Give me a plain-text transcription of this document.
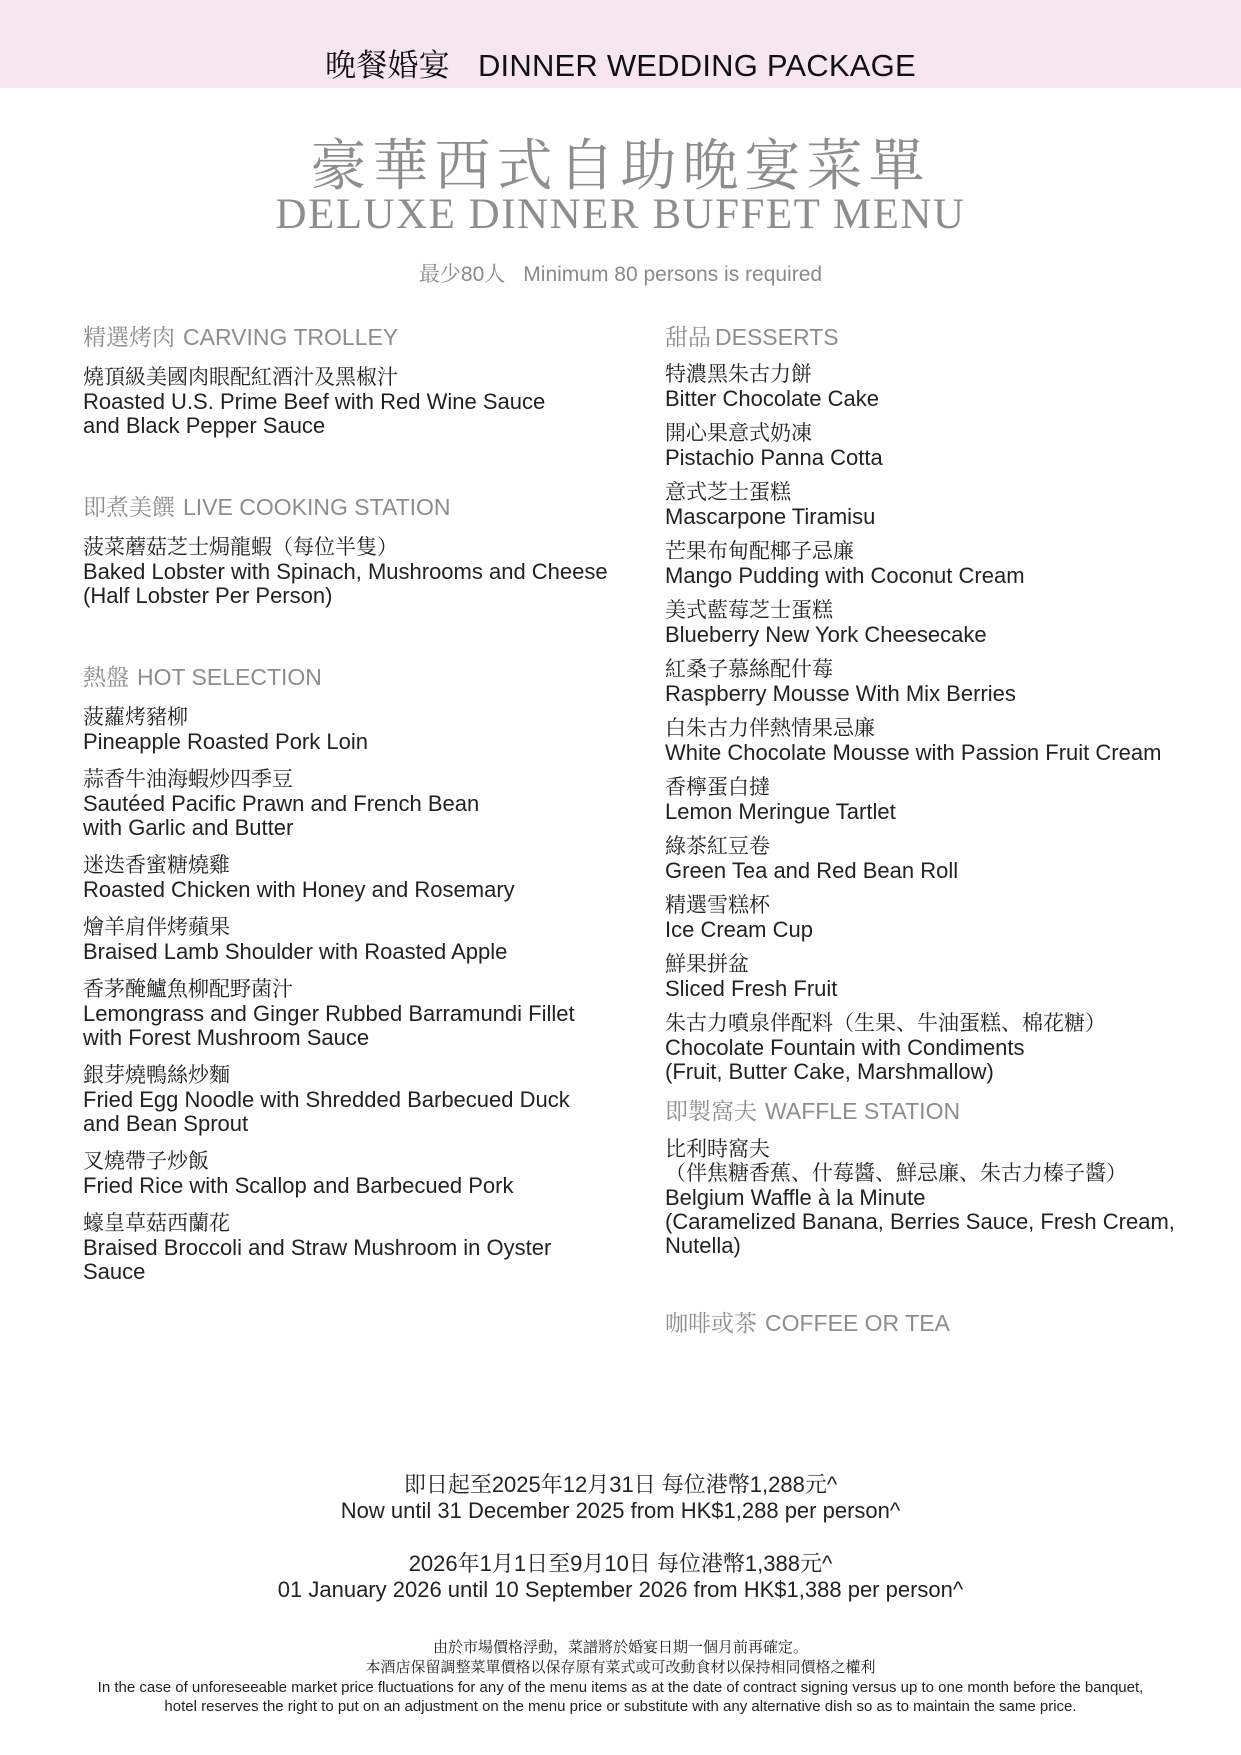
晚餐婚宴 DINNER WEDDING PACKAGE
豪華西式自助晚宴菜單
DELUXE DINNER BUFFET MENU
最少80人 Minimum 80 persons is required
精選烤肉 CARVING TROLLEY
燒頂級美國肉眼配紅酒汁及黑椒汁
Roasted U.S. Prime Beef with Red Wine Sauce
and Black Pepper Sauce
即煮美饌 LIVE COOKING STATION
菠菜蘑菇芝士焗龍蝦（每位半隻）
Baked Lobster with Spinach, Mushrooms and Cheese
(Half Lobster Per Person)
熱盤 HOT SELECTION
菠蘿烤豬柳
Pineapple Roasted Pork Loin
蒜香牛油海蝦炒四季豆
Sautéed Pacific Prawn and French Bean
with Garlic and Butter
迷迭香蜜糖燒雞
Roasted Chicken with Honey and Rosemary
燴羊肩伴烤蘋果
Braised Lamb Shoulder with Roasted Apple
香茅醃鱸魚柳配野菌汁
Lemongrass and Ginger Rubbed Barramundi Fillet
with Forest Mushroom Sauce
銀芽燒鴨絲炒麵
Fried Egg Noodle with Shredded Barbecued Duck
and Bean Sprout
叉燒帶子炒飯
Fried Rice with Scallop and Barbecued Pork
蠔皇草菇西蘭花
Braised Broccoli and Straw Mushroom in Oyster
Sauce
甜品 DESSERTS
特濃黑朱古力餅
Bitter Chocolate Cake
開心果意式奶凍
Pistachio Panna Cotta
意式芝士蛋糕
Mascarpone Tiramisu
芒果布甸配椰子忌廉
Mango Pudding with Coconut Cream
美式藍莓芝士蛋糕
Blueberry New York Cheesecake
紅桑子慕絲配什莓
Raspberry Mousse With Mix Berries
白朱古力伴熱情果忌廉
White Chocolate Mousse with Passion Fruit Cream
香檸蛋白撻
Lemon Meringue Tartlet
綠茶紅豆卷
Green Tea and Red Bean Roll
精選雪糕杯
Ice Cream Cup
鮮果拼盆
Sliced Fresh Fruit
朱古力噴泉伴配料（生果、牛油蛋糕、棉花糖）
Chocolate Fountain with Condiments
(Fruit, Butter Cake, Marshmallow)
即製窩夫 WAFFLE STATION
比利時窩夫
（伴焦糖香蕉、什莓醬、鮮忌廉、朱古力榛子醬）
Belgium Waffle à la Minute
(Caramelized Banana, Berries Sauce, Fresh Cream,
Nutella)
咖啡或茶 COFFEE OR TEA
即日起至2025年12月31日 每位港幣1,288元^
Now until 31 December 2025 from HK$1,288 per person^
2026年1月1日至9月10日 每位港幣1,388元^
01 January 2026 until 10 September 2026 from HK$1,388 per person^
由於市場價格浮動，菜譜將於婚宴日期一個月前再確定。
本酒店保留調整菜單價格以保存原有菜式或可改動食材以保持相同價格之權利
In the case of unforeseeable market price fluctuations for any of the menu items as at the date of contract signing versus up to one month before the banquet,
hotel reserves the right to put on an adjustment on the menu price or substitute with any alternative dish so as to maintain the same price.
